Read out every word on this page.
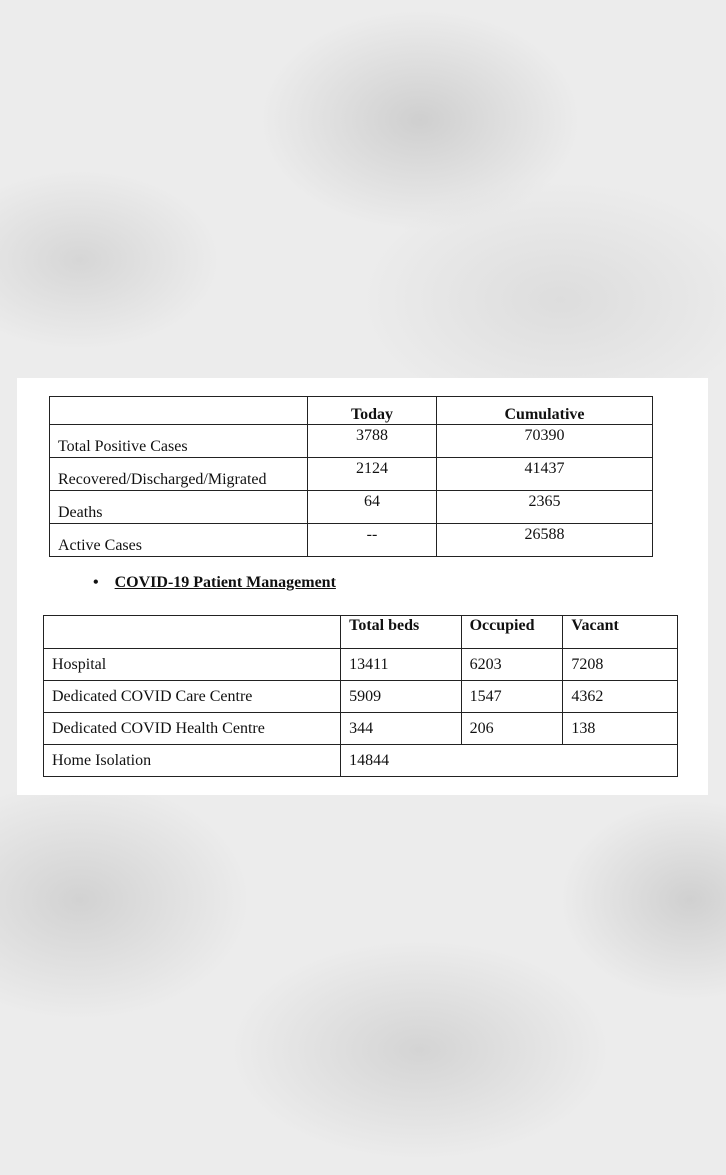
	Today	Cumulative
Total Positive Cases	3788	70390
Recovered/Discharged/Migrated	2124	41437
Deaths	64	2365
Active Cases	--	26588
• COVID-19 Patient Management
	Total beds	Occupied	Vacant
Hospital	13411	6203	7208
Dedicated COVID Care Centre	5909	1547	4362
Dedicated COVID Health Centre	344	206	138
Home Isolation	14844		
